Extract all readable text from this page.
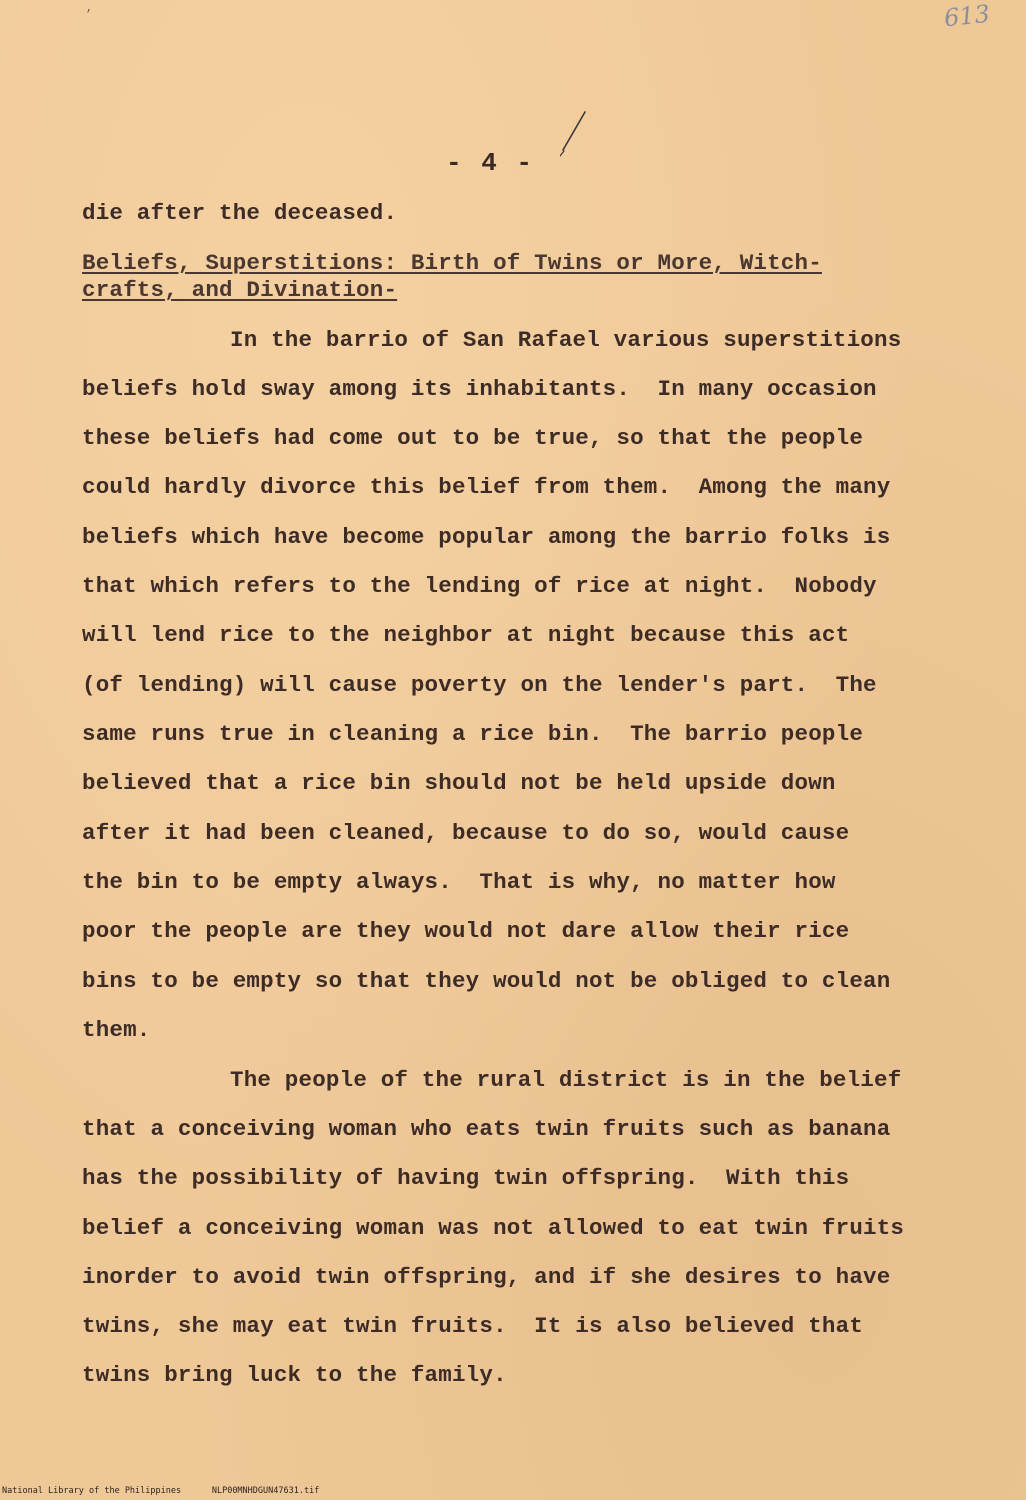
’	613
- 4 -
die after the deceased.
Beliefs, Superstitions: Birth of Twins or More, Witch-
crafts, and Divination-
In the barrio of San Rafael various superstitions
beliefs hold sway among its inhabitants.  In many occasion
these beliefs had come out to be true, so that the people
could hardly divorce this belief from them.  Among the many
beliefs which have become popular among the barrio folks is
that which refers to the lending of rice at night.  Nobody
will lend rice to the neighbor at night because this act
(of lending) will cause poverty on the lender's part.  The
same runs true in cleaning a rice bin.  The barrio people
believed that a rice bin should not be held upside down
after it had been cleaned, because to do so, would cause
the bin to be empty always.  That is why, no matter how
poor the people are they would not dare allow their rice
bins to be empty so that they would not be obliged to clean
them.
The people of the rural district is in the belief
that a conceiving woman who eats twin fruits such as banana
has the possibility of having twin offspring.  With this
belief a conceiving woman was not allowed to eat twin fruits
inorder to avoid twin offspring, and if she desires to have
twins, she may eat twin fruits.  It is also believed that
twins bring luck to the family.
National Library of the Philippines	NLP00MNHDGUN47631.tif
